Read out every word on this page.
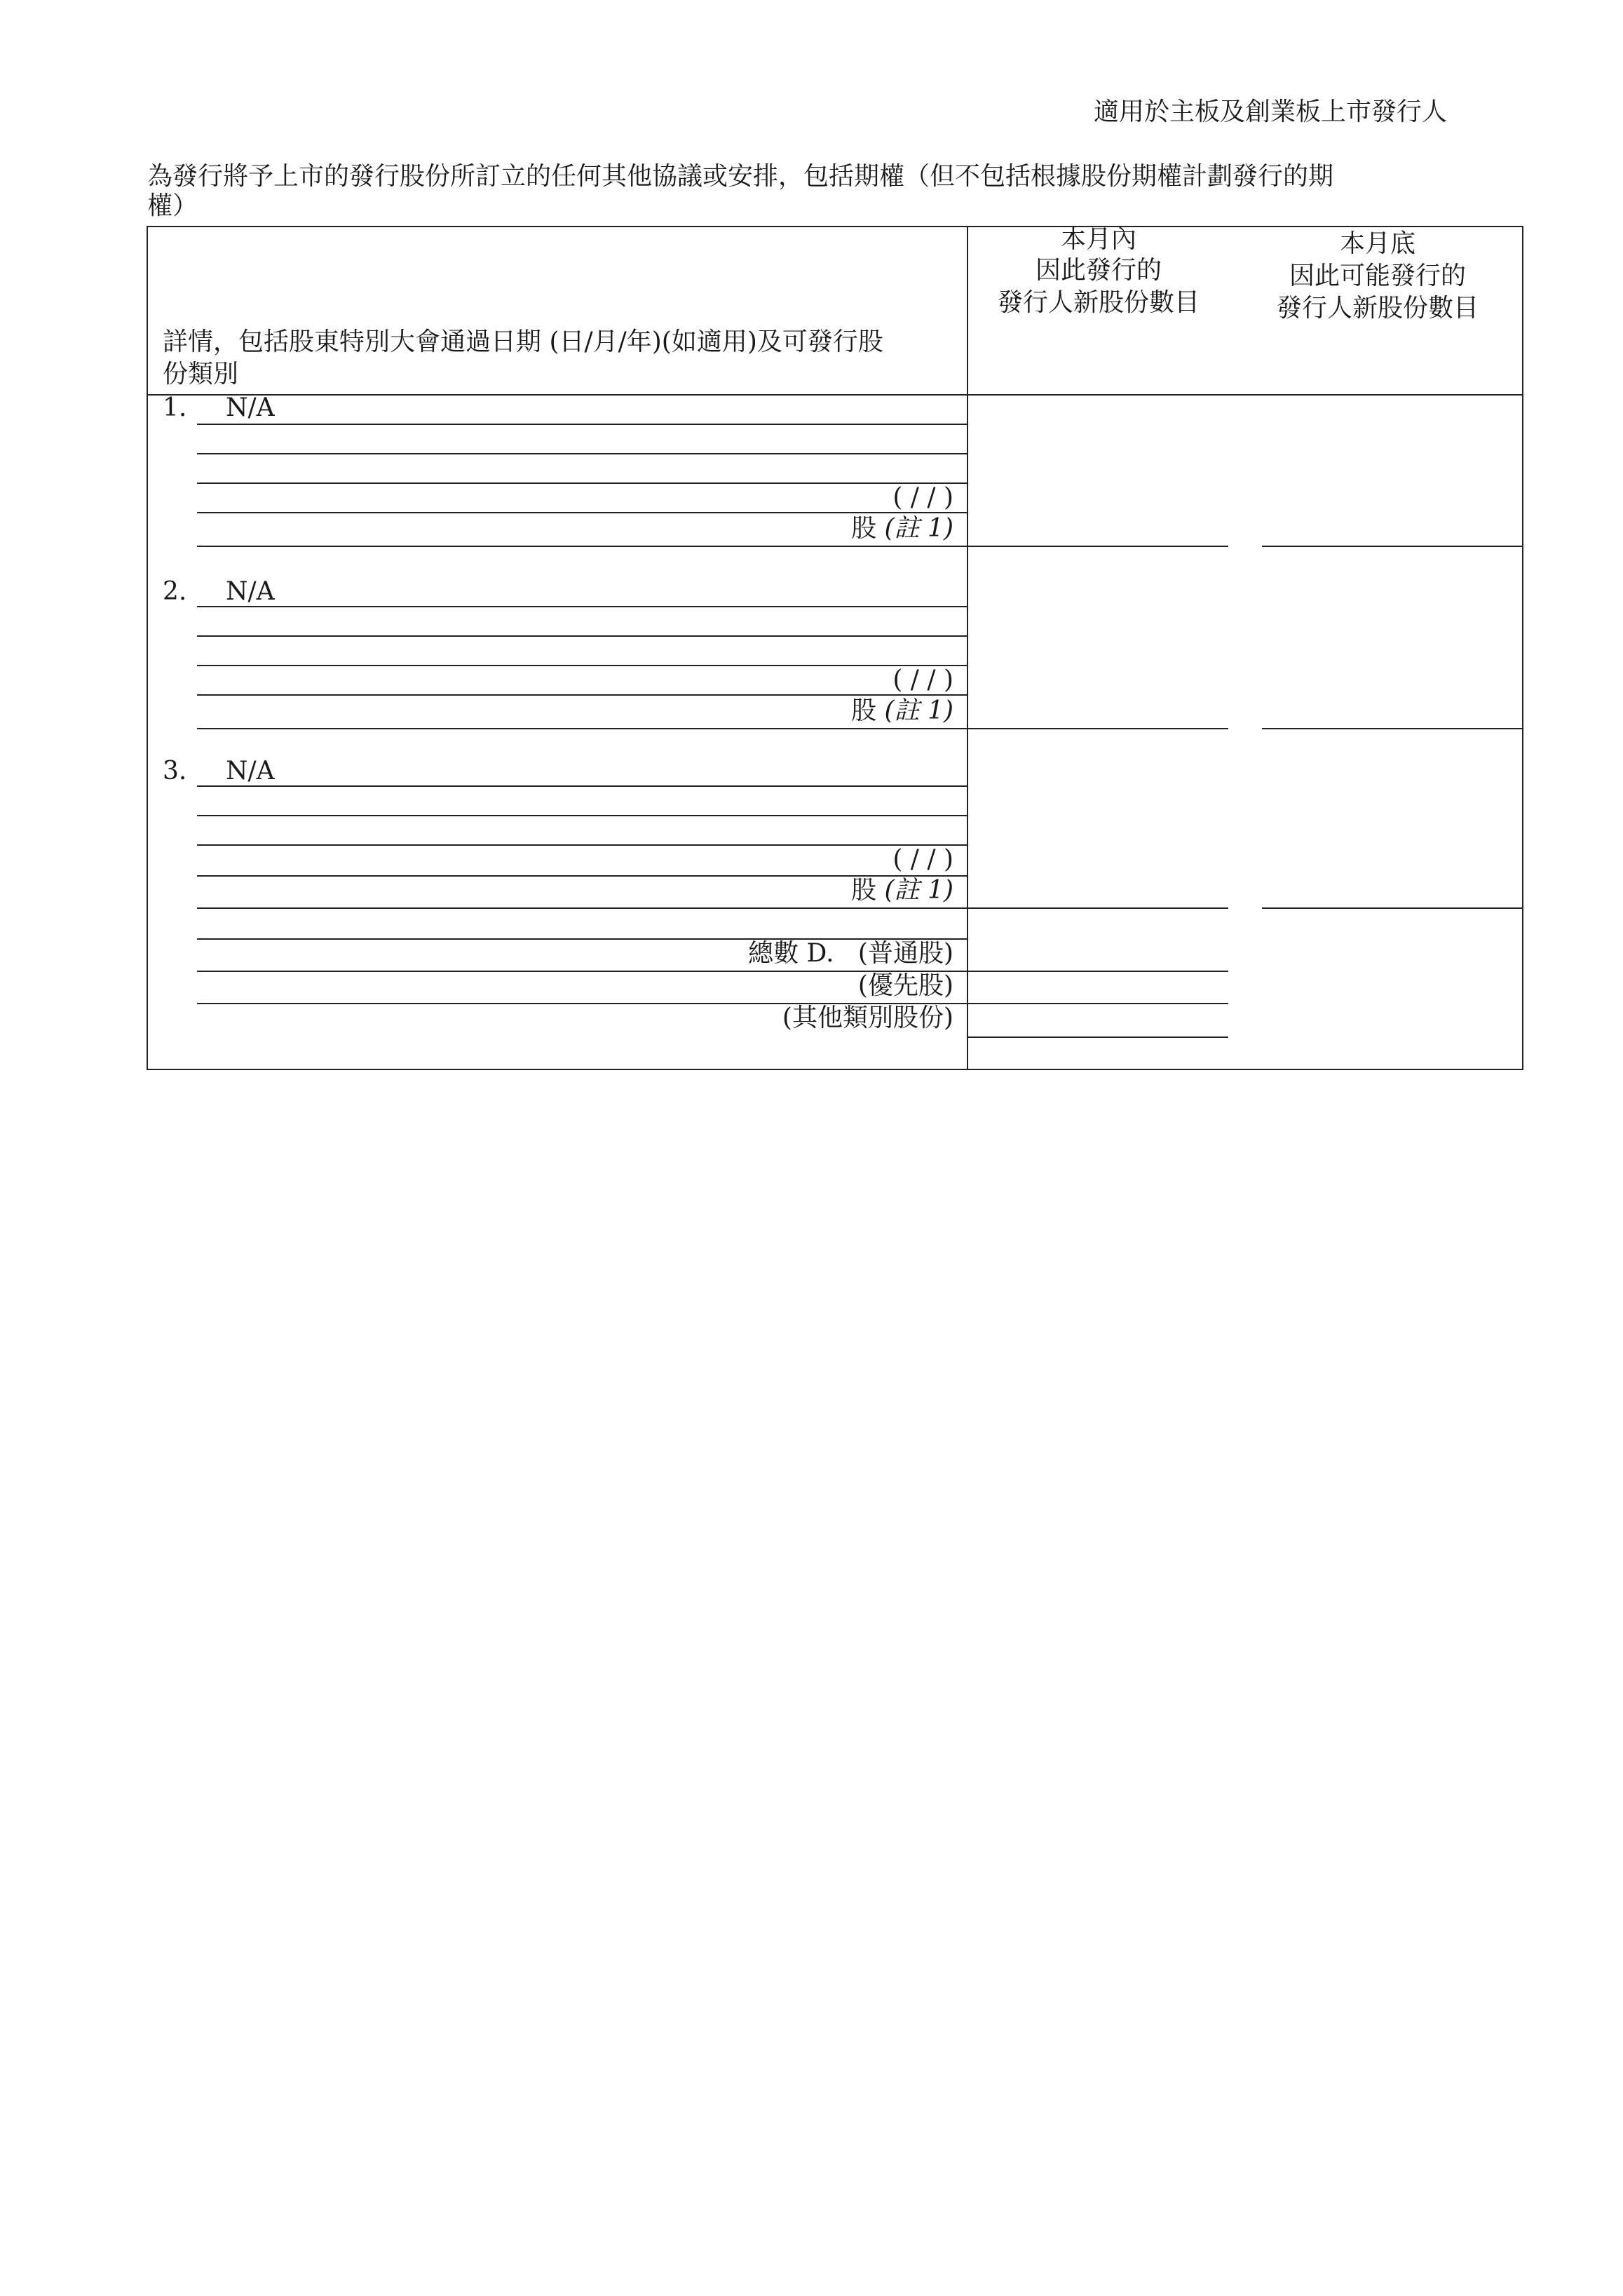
適用於主板及創業板上市發行人
為發行將予上市的發行股份所訂立的任何其他協議或安排，包括期權（但不包括根據股份期權計劃發行的期
權）
詳情，包括股東特別大會通過日期 (日/月/年)(如適用)及可發行股
份類別
本月內
因此發行的
發行人新股份數目
本月底
因此可能發行的
發行人新股份數目
1. N/A
( / / )
股 (註 1)
2. N/A
( / / )
股 (註 1)
3. N/A
( / / )
股 (註 1)
總數 D. (普通股)
(優先股)
(其他類別股份)
